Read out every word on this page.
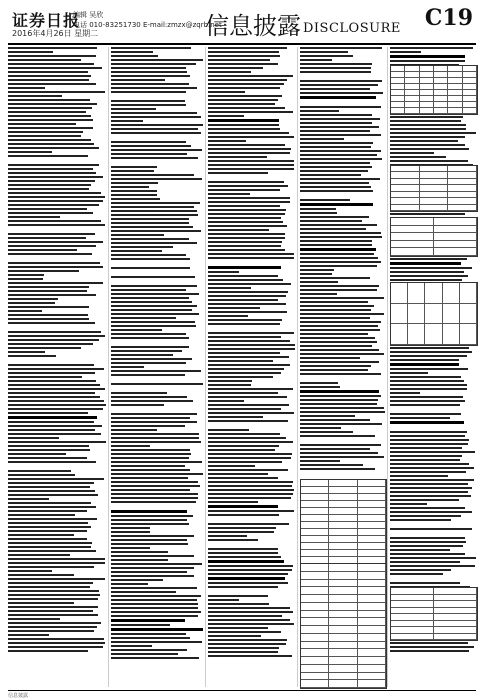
证券日报
2016年4月26日 星期二
编辑 吴欣
电话 010-83251730 E-mail:zmzx@zqrb.net
信息披露 DISCLOSURE C19
信息披露
